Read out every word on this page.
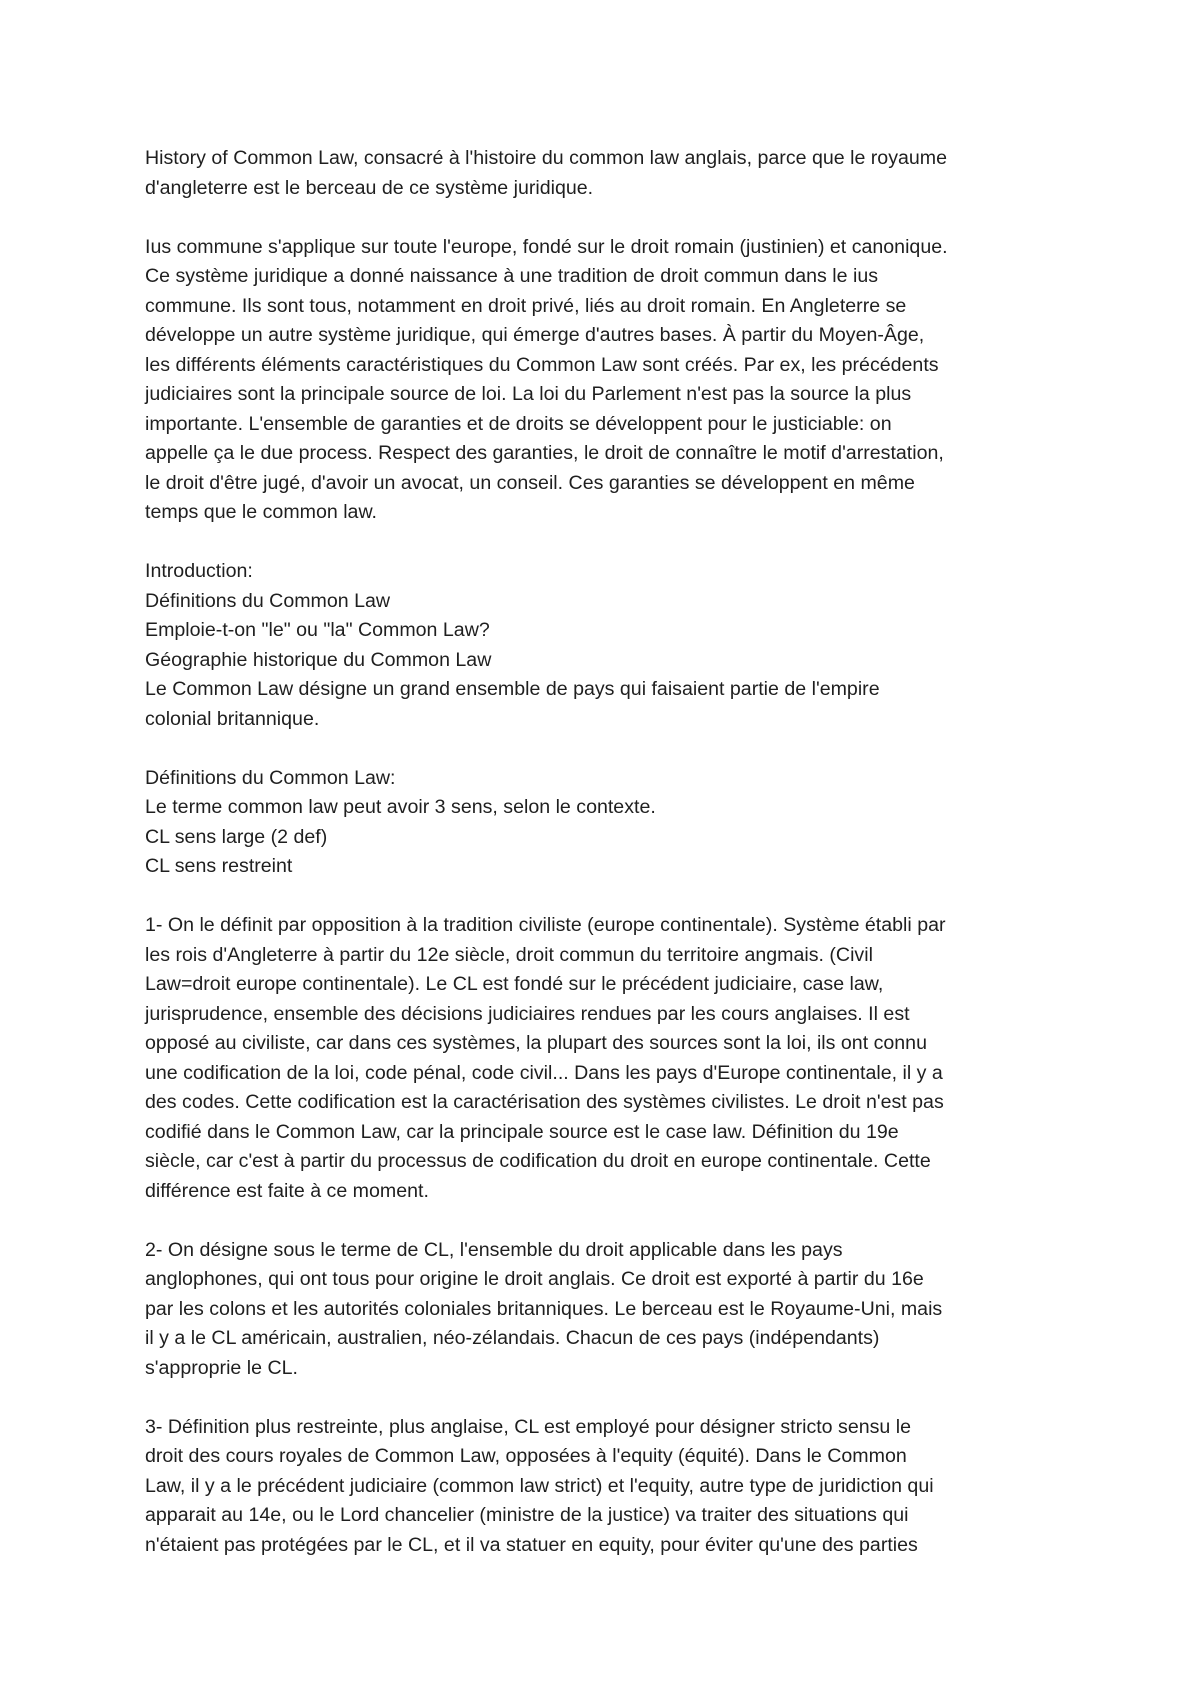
History of Common Law, consacré à l'histoire du common law anglais, parce que le royaume
d'angleterre est le berceau de ce système juridique.
Ius commune s'applique sur toute l'europe, fondé sur le droit romain (justinien) et canonique.
Ce système juridique a donné naissance à une tradition de droit commun dans le ius
commune. Ils sont tous, notamment en droit privé, liés au droit romain. En Angleterre se
développe un autre système juridique, qui émerge d'autres bases. À partir du Moyen-Âge,
les différents éléments caractéristiques du Common Law sont créés. Par ex, les précédents
judiciaires sont la principale source de loi. La loi du Parlement n'est pas la source la plus
importante. L'ensemble de garanties et de droits se développent pour le justiciable: on
appelle ça le due process. Respect des garanties, le droit de connaître le motif d'arrestation,
le droit d'être jugé, d'avoir un avocat, un conseil. Ces garanties se développent en même
temps que le common law.
Introduction:
Définitions du Common Law
Emploie-t-on "le" ou "la" Common Law?
Géographie historique du Common Law
Le Common Law désigne un grand ensemble de pays qui faisaient partie de l'empire
colonial britannique.
Définitions du Common Law:
Le terme common law peut avoir 3 sens, selon le contexte.
CL sens large (2 def)
CL sens restreint
1- On le définit par opposition à la tradition civiliste (europe continentale). Système établi par
les rois d'Angleterre à partir du 12e siècle, droit commun du territoire angmais. (Civil
Law=droit europe continentale). Le CL est fondé sur le précédent judiciaire, case law,
jurisprudence, ensemble des décisions judiciaires rendues par les cours anglaises. Il est
opposé au civiliste, car dans ces systèmes, la plupart des sources sont la loi, ils ont connu
une codification de la loi, code pénal, code civil... Dans les pays d'Europe continentale, il y a
des codes. Cette codification est la caractérisation des systèmes civilistes. Le droit n'est pas
codifié dans le Common Law, car la principale source est le case law. Définition du 19e
siècle, car c'est à partir du processus de codification du droit en europe continentale. Cette
différence est faite à ce moment.
2- On désigne sous le terme de CL, l'ensemble du droit applicable dans les pays
anglophones, qui ont tous pour origine le droit anglais. Ce droit est exporté à partir du 16e
par les colons et les autorités coloniales britanniques. Le berceau est le Royaume-Uni, mais
il y a le CL américain, australien, néo-zélandais. Chacun de ces pays (indépendants)
s'approprie le CL.
3- Définition plus restreinte, plus anglaise, CL est employé pour désigner stricto sensu le
droit des cours royales de Common Law, opposées à l'equity (équité). Dans le Common
Law, il y a le précédent judiciaire (common law strict) et l'equity, autre type de juridiction qui
apparait au 14e, ou le Lord chancelier (ministre de la justice) va traiter des situations qui
n'étaient pas protégées par le CL, et il va statuer en equity, pour éviter qu'une des parties
